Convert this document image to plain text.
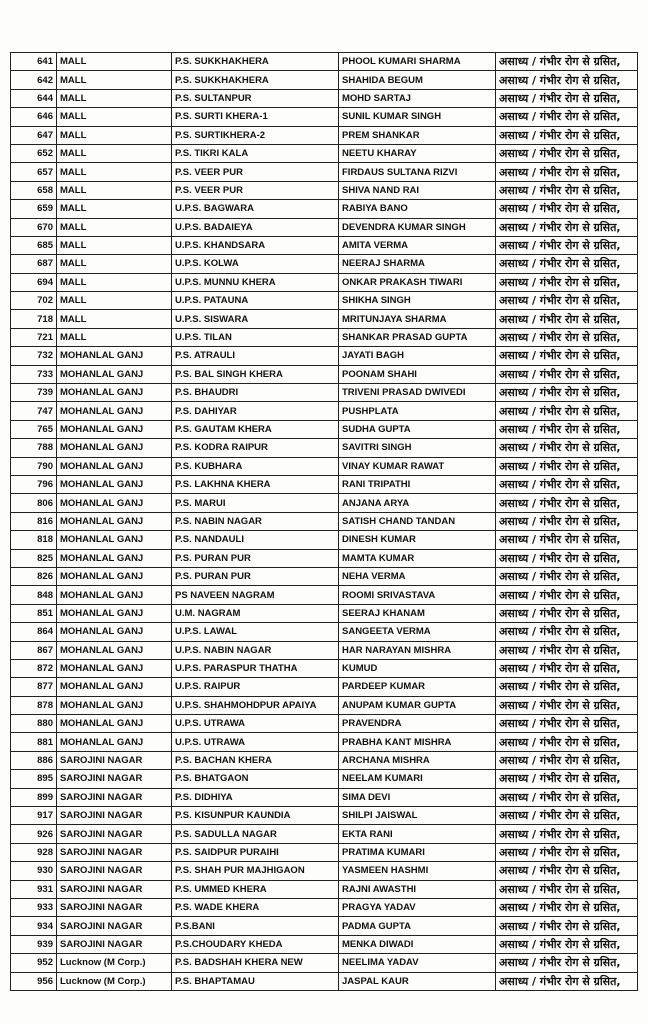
641	MALL	P.S. SUKKHAKHERA	PHOOL KUMARI SHARMA	असाध्य / गंभीर रोग से ग्रसित,
642	MALL	P.S. SUKKHAKHERA	SHAHIDA BEGUM	असाध्य / गंभीर रोग से ग्रसित,
644	MALL	P.S. SULTANPUR	MOHD SARTAJ	असाध्य / गंभीर रोग से ग्रसित,
646	MALL	P.S. SURTI KHERA-1	SUNIL KUMAR SINGH	असाध्य / गंभीर रोग से ग्रसित,
647	MALL	P.S. SURTIKHERA-2	PREM SHANKAR	असाध्य / गंभीर रोग से ग्रसित,
652	MALL	P.S. TIKRI KALA	NEETU KHARAY	असाध्य / गंभीर रोग से ग्रसित,
657	MALL	P.S. VEER PUR	FIRDAUS SULTANA RIZVI	असाध्य / गंभीर रोग से ग्रसित,
658	MALL	P.S. VEER PUR	SHIVA NAND RAI	असाध्य / गंभीर रोग से ग्रसित,
659	MALL	U.P.S. BAGWARA	RABIYA BANO	असाध्य / गंभीर रोग से ग्रसित,
670	MALL	U.P.S. BADAIEYA	DEVENDRA KUMAR SINGH	असाध्य / गंभीर रोग से ग्रसित,
685	MALL	U.P.S. KHANDSARA	AMITA VERMA	असाध्य / गंभीर रोग से ग्रसित,
687	MALL	U.P.S. KOLWA	NEERAJ SHARMA	असाध्य / गंभीर रोग से ग्रसित,
694	MALL	U.P.S. MUNNU KHERA	ONKAR PRAKASH TIWARI	असाध्य / गंभीर रोग से ग्रसित,
702	MALL	U.P.S. PATAUNA	SHIKHA SINGH	असाध्य / गंभीर रोग से ग्रसित,
718	MALL	U.P.S. SISWARA	MRITUNJAYA SHARMA	असाध्य / गंभीर रोग से ग्रसित,
721	MALL	U.P.S. TILAN	SHANKAR PRASAD GUPTA	असाध्य / गंभीर रोग से ग्रसित,
732	MOHANLAL GANJ	P.S. ATRAULI	JAYATI BAGH	असाध्य / गंभीर रोग से ग्रसित,
733	MOHANLAL GANJ	P.S. BAL SINGH KHERA	POONAM SHAHI	असाध्य / गंभीर रोग से ग्रसित,
739	MOHANLAL GANJ	P.S. BHAUDRI	TRIVENI PRASAD DWIVEDI	असाध्य / गंभीर रोग से ग्रसित,
747	MOHANLAL GANJ	P.S. DAHIYAR	PUSHPLATA	असाध्य / गंभीर रोग से ग्रसित,
765	MOHANLAL GANJ	P.S. GAUTAM KHERA	SUDHA GUPTA	असाध्य / गंभीर रोग से ग्रसित,
788	MOHANLAL GANJ	P.S. KODRA RAIPUR	SAVITRI SINGH	असाध्य / गंभीर रोग से ग्रसित,
790	MOHANLAL GANJ	P.S. KUBHARA	VINAY KUMAR RAWAT	असाध्य / गंभीर रोग से ग्रसित,
796	MOHANLAL GANJ	P.S. LAKHNA KHERA	RANI TRIPATHI	असाध्य / गंभीर रोग से ग्रसित,
806	MOHANLAL GANJ	P.S. MARUI	ANJANA ARYA	असाध्य / गंभीर रोग से ग्रसित,
816	MOHANLAL GANJ	P.S. NABIN NAGAR	SATISH CHAND TANDAN	असाध्य / गंभीर रोग से ग्रसित,
818	MOHANLAL GANJ	P.S. NANDAULI	DINESH KUMAR	असाध्य / गंभीर रोग से ग्रसित,
825	MOHANLAL GANJ	P.S. PURAN PUR	MAMTA KUMAR	असाध्य / गंभीर रोग से ग्रसित,
826	MOHANLAL GANJ	P.S. PURAN PUR	NEHA VERMA	असाध्य / गंभीर रोग से ग्रसित,
848	MOHANLAL GANJ	PS NAVEEN NAGRAM	ROOMI SRIVASTAVA	असाध्य / गंभीर रोग से ग्रसित,
851	MOHANLAL GANJ	U.M. NAGRAM	SEERAJ KHANAM	असाध्य / गंभीर रोग से ग्रसित,
864	MOHANLAL GANJ	U.P.S. LAWAL	SANGEETA VERMA	असाध्य / गंभीर रोग से ग्रसित,
867	MOHANLAL GANJ	U.P.S. NABIN NAGAR	HAR NARAYAN MISHRA	असाध्य / गंभीर रोग से ग्रसित,
872	MOHANLAL GANJ	U.P.S. PARASPUR THATHA	KUMUD	असाध्य / गंभीर रोग से ग्रसित,
877	MOHANLAL GANJ	U.P.S. RAIPUR	PARDEEP KUMAR	असाध्य / गंभीर रोग से ग्रसित,
878	MOHANLAL GANJ	U.P.S. SHAHMOHDPUR APAIYA	ANUPAM KUMAR GUPTA	असाध्य / गंभीर रोग से ग्रसित,
880	MOHANLAL GANJ	U.P.S. UTRAWA	PRAVENDRA	असाध्य / गंभीर रोग से ग्रसित,
881	MOHANLAL GANJ	U.P.S. UTRAWA	PRABHA KANT MISHRA	असाध्य / गंभीर रोग से ग्रसित,
886	SAROJINI NAGAR	P.S. BACHAN KHERA	ARCHANA MISHRA	असाध्य / गंभीर रोग से ग्रसित,
895	SAROJINI NAGAR	P.S. BHATGAON	NEELAM KUMARI	असाध्य / गंभीर रोग से ग्रसित,
899	SAROJINI NAGAR	P.S. DIDHIYA	SIMA DEVI	असाध्य / गंभीर रोग से ग्रसित,
917	SAROJINI NAGAR	P.S. KISUNPUR KAUNDIA	SHILPI JAISWAL	असाध्य / गंभीर रोग से ग्रसित,
926	SAROJINI NAGAR	P.S. SADULLA NAGAR	EKTA RANI	असाध्य / गंभीर रोग से ग्रसित,
928	SAROJINI NAGAR	P.S. SAIDPUR PURAIHI	PRATIMA KUMARI	असाध्य / गंभीर रोग से ग्रसित,
930	SAROJINI NAGAR	P.S. SHAH PUR MAJHIGAON	YASMEEN HASHMI	असाध्य / गंभीर रोग से ग्रसित,
931	SAROJINI NAGAR	P.S. UMMED KHERA	RAJNI AWASTHI	असाध्य / गंभीर रोग से ग्रसित,
933	SAROJINI NAGAR	P.S. WADE KHERA	PRAGYA YADAV	असाध्य / गंभीर रोग से ग्रसित,
934	SAROJINI NAGAR	P.S.BANI	PADMA GUPTA	असाध्य / गंभीर रोग से ग्रसित,
939	SAROJINI NAGAR	P.S.CHOUDARY KHEDA	MENKA DIWADI	असाध्य / गंभीर रोग से ग्रसित,
952	Lucknow (M Corp.)	P.S. BADSHAH KHERA NEW	NEELIMA YADAV	असाध्य / गंभीर रोग से ग्रसित,
956	Lucknow (M Corp.)	P.S. BHAPTAMAU	JASPAL KAUR	असाध्य / गंभीर रोग से ग्रसित,
